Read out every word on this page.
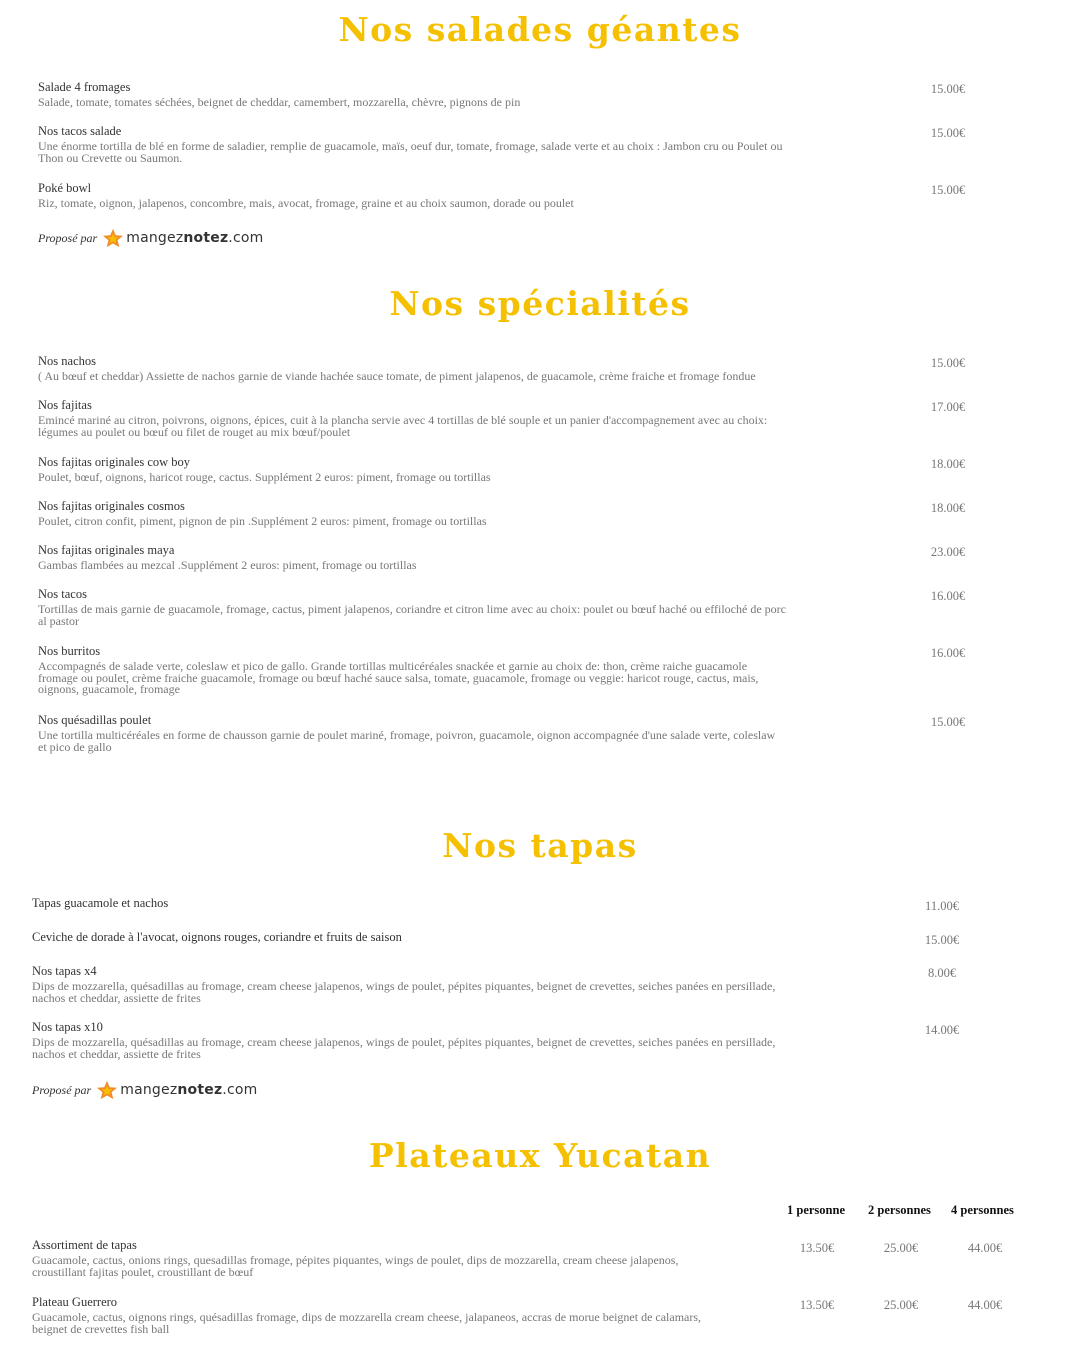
Nos salades géantes
Salade 4 fromages
Salade, tomate, tomates séchées, beignet de cheddar, camembert, mozzarella, chèvre, pignons de pin
15.00€
Nos tacos salade
Une énorme tortilla de blé en forme de saladier, remplie de guacamole, maïs, oeuf dur, tomate, fromage, salade verte et au choix : Jambon cru ou Poulet ou
Thon ou Crevette ou Saumon.
15.00€
Poké bowl
Riz, tomate, oignon, jalapenos, concombre, mais, avocat, fromage, graine et au choix saumon, dorade ou poulet
15.00€
Proposé par mangeznotez.com
Nos spécialités
Nos nachos
( Au bœuf et cheddar) Assiette de nachos garnie de viande hachée sauce tomate, de piment jalapenos, de guacamole, crème fraiche et fromage fondue
15.00€
Nos fajitas
Emincé mariné au citron, poivrons, oignons, épices, cuit à la plancha servie avec 4 tortillas de blé souple et un panier d'accompagnement avec au choix:
légumes au poulet ou bœuf ou filet de rouget au mix bœuf/poulet
17.00€
Nos fajitas originales cow boy
Poulet, bœuf, oignons, haricot rouge, cactus. Supplément 2 euros: piment, fromage ou tortillas
18.00€
Nos fajitas originales cosmos
Poulet, citron confit, piment, pignon de pin .Supplément 2 euros: piment, fromage ou tortillas
18.00€
Nos fajitas originales maya
Gambas flambées au mezcal .Supplément 2 euros: piment, fromage ou tortillas
23.00€
Nos tacos
Tortillas de mais garnie de guacamole, fromage, cactus, piment jalapenos, coriandre et citron lime avec au choix: poulet ou bœuf haché ou effiloché de porc
al pastor
16.00€
Nos burritos
Accompagnés de salade verte, coleslaw et pico de gallo. Grande tortillas multicéréales snackée et garnie au choix de: thon, crème raiche guacamole
fromage ou poulet, crème fraiche guacamole, fromage ou bœuf haché sauce salsa, tomate, guacamole, fromage ou veggie: haricot rouge, cactus, mais,
oignons, guacamole, fromage
16.00€
Nos quésadillas poulet
Une tortilla multicéréales en forme de chausson garnie de poulet mariné, fromage, poivron, guacamole, oignon accompagnée d'une salade verte, coleslaw
et pico de gallo
15.00€
Nos tapas
Tapas guacamole et nachos	11.00€
Ceviche de dorade à l'avocat, oignons rouges, coriandre et fruits de saison	15.00€
Nos tapas x4
Dips de mozzarella, quésadillas au fromage, cream cheese jalapenos, wings de poulet, pépites piquantes, beignet de crevettes, seiches panées en persillade,
nachos et cheddar, assiette de frites
8.00€
Nos tapas x10
Dips de mozzarella, quésadillas au fromage, cream cheese jalapenos, wings de poulet, pépites piquantes, beignet de crevettes, seiches panées en persillade,
nachos et cheddar, assiette de frites
14.00€
Proposé par mangeznotez.com
Plateaux Yucatan
1 personne 2 personnes 4 personnes
Assortiment de tapas
Guacamole, cactus, onions rings, quesadillas fromage, pépites piquantes, wings de poulet, dips de mozzarella, cream cheese jalapenos,
croustillant fajitas poulet, croustillant de bœuf
13.50€	25.00€	44.00€
Plateau Guerrero
Guacamole, cactus, oignons rings, quésadillas fromage, dips de mozzarella cream cheese, jalapaneos, accras de morue beignet de calamars,
beignet de crevettes fish ball
13.50€	25.00€	44.00€
